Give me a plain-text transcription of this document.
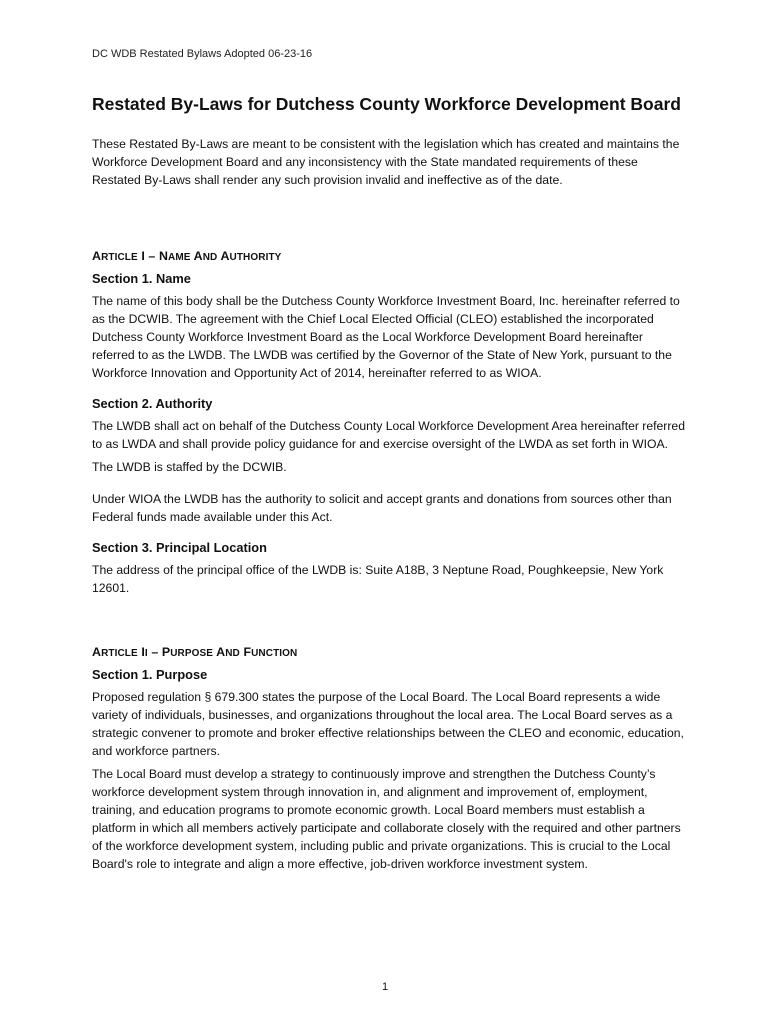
DC WDB Restated Bylaws Adopted 06-23-16
Restated By-Laws for Dutchess County Workforce Development Board

These Restated By-Laws are meant to be consistent with the legislation which has created and maintains the Workforce Development Board and any inconsistency with the State mandated requirements of these Restated By-Laws shall render any such provision invalid and ineffective as of the date.

ARTICLE I – NAME AND AUTHORITY
Section 1. Name

The name of this body shall be the Dutchess County Workforce Investment Board, Inc. hereinafter referred to as the DCWIB. The agreement with the Chief Local Elected Official (CLEO) established the incorporated Dutchess County Workforce Investment Board as the Local Workforce Development Board hereinafter referred to as the LWDB. The LWDB was certified by the Governor of the State of New York, pursuant to the Workforce Innovation and Opportunity Act of 2014, hereinafter referred to as WIOA.

Section 2. Authority

The LWDB shall act on behalf of the Dutchess County Local Workforce Development Area hereinafter referred to as LWDA and shall provide policy guidance for and exercise oversight of the LWDA as set forth in WIOA.

The LWDB is staffed by the DCWIB.

Under WIOA the LWDB has the authority to solicit and accept grants and donations from sources other than Federal funds made available under this Act.

Section 3. Principal Location

The address of the principal office of the LWDB is: Suite A18B, 3 Neptune Road, Poughkeepsie, New York 12601.

ARTICLE II – PURPOSE AND FUNCTION
Section 1. Purpose

Proposed regulation § 679.300 states the purpose of the Local Board. The Local Board represents a wide variety of individuals, businesses, and organizations throughout the local area. The Local Board serves as a strategic convener to promote and broker effective relationships between the CLEO and economic, education, and workforce partners.

The Local Board must develop a strategy to continuously improve and strengthen the Dutchess County’s workforce development system through innovation in, and alignment and improvement of, employment, training, and education programs to promote economic growth. Local Board members must establish a platform in which all members actively participate and collaborate closely with the required and other partners of the workforce development system, including public and private organizations. This is crucial to the Local Board's role to integrate and align a more effective, job-driven workforce investment system.

1
